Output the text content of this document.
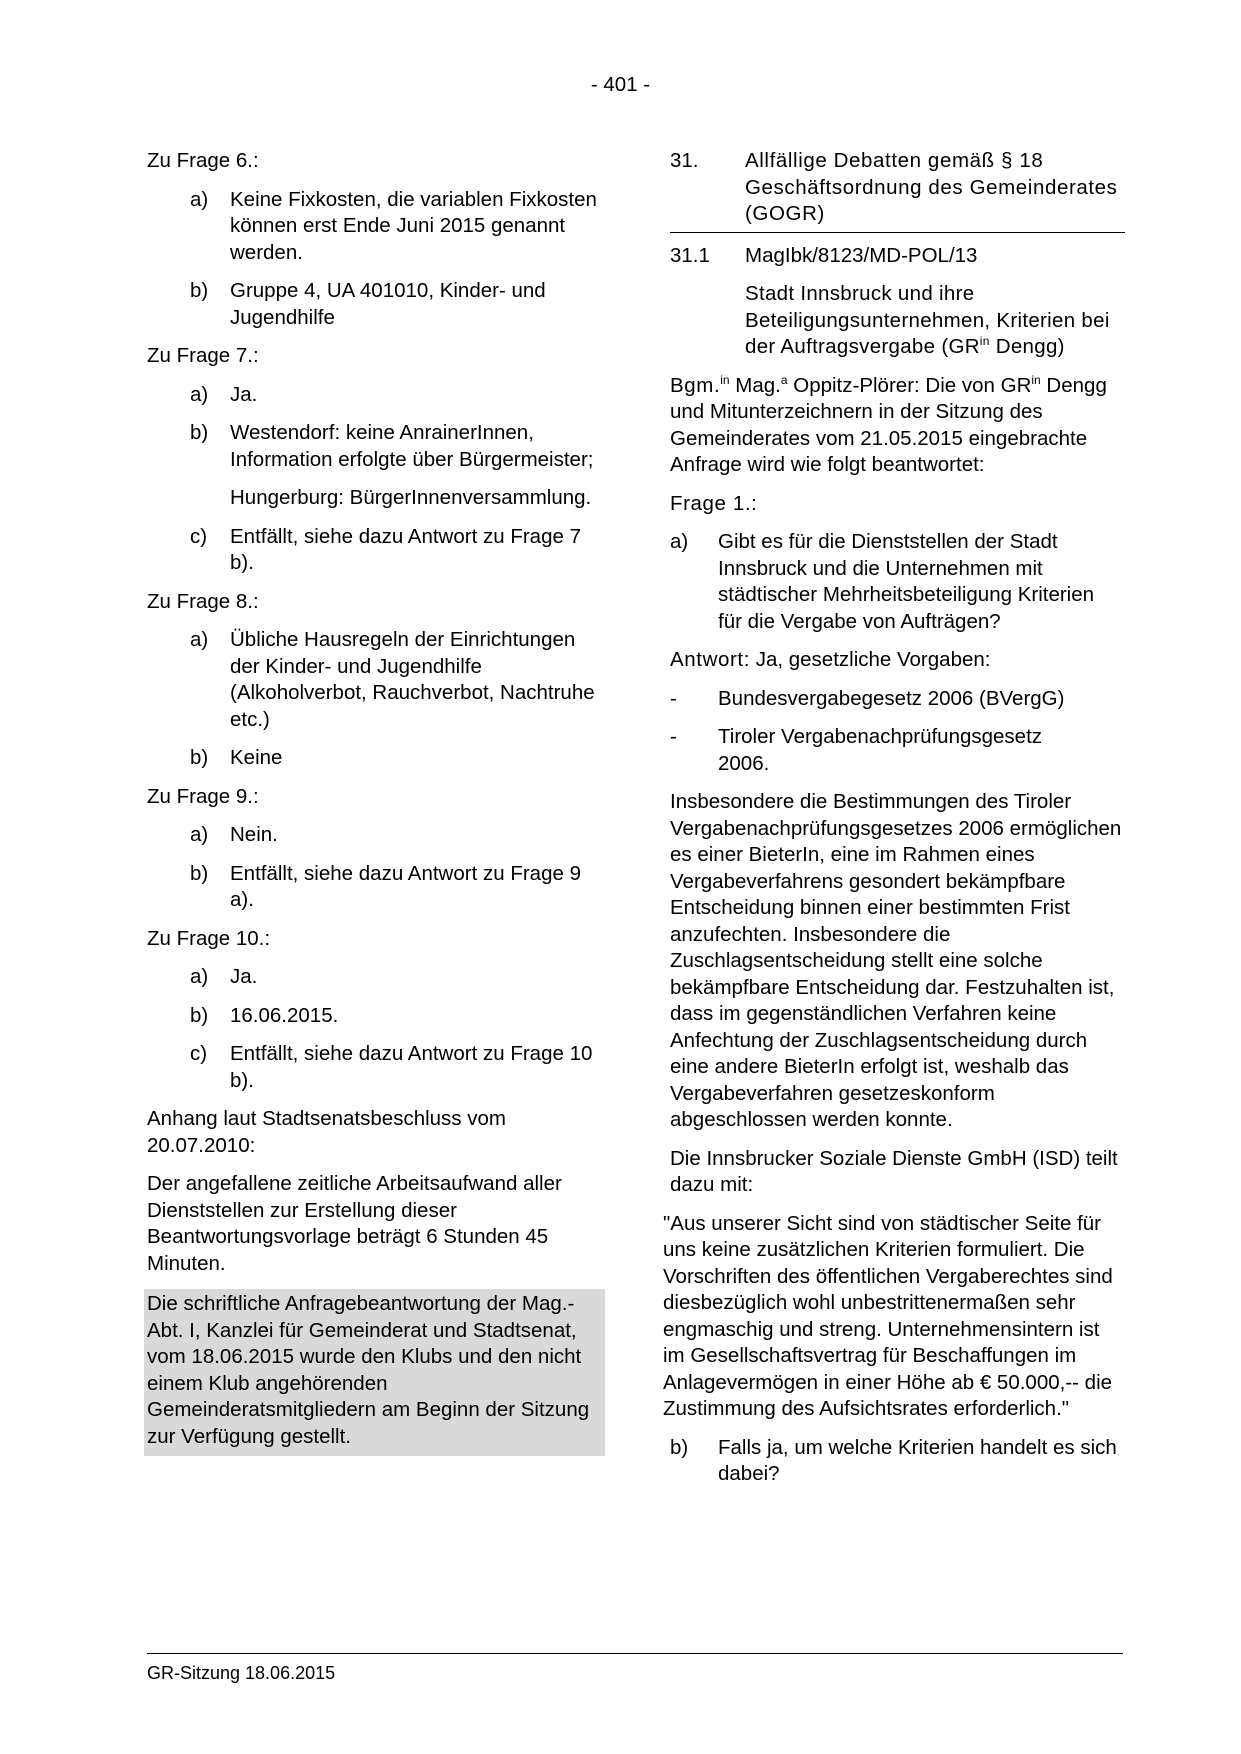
- 401 -

Zu Frage 6.:

a) Keine Fixkosten, die variablen Fixkosten können erst Ende Juni 2015 genannt werden.
b) Gruppe 4, UA 401010, Kinder- und Jugendhilfe

Zu Frage 7.:

a) Ja.
b) Westendorf: keine AnrainerInnen, Information erfolgte über Bürgermeister;
Hungerburg: BürgerInnenversammlung.
c) Entfällt, siehe dazu Antwort zu Frage 7 b).

Zu Frage 8.:

a) Übliche Hausregeln der Einrichtungen der Kinder- und Jugendhilfe (Alkoholverbot, Rauchverbot, Nachtruhe etc.)
b) Keine

Zu Frage 9.:

a) Nein.
b) Entfällt, siehe dazu Antwort zu Frage 9 a).

Zu Frage 10.:

a) Ja.
b) 16.06.2015.
c) Entfällt, siehe dazu Antwort zu Frage 10 b).

Anhang laut Stadtsenatsbeschluss vom 20.07.2010:

Der angefallene zeitliche Arbeitsaufwand aller Dienststellen zur Erstellung dieser Beantwortungsvorlage beträgt 6 Stunden 45 Minuten.

Die schriftliche Anfragebeantwortung der Mag.-Abt. I, Kanzlei für Gemeinderat und Stadtsenat, vom 18.06.2015 wurde den Klubs und den nicht einem Klub angehörenden Gemeinderatsmitgliedern am Beginn der Sitzung zur Verfügung gestellt.

31. Allfällige Debatten gemäß § 18 Geschäftsordnung des Gemeinderates (GOGR)
31.1 MagIbk/8123/MD-POL/13

Stadt Innsbruck und ihre Beteiligungsunternehmen, Kriterien bei der Auftragsvergabe ($GR^{in}$ Dengg)

Bgm.$^{in}$ Mag.$^a$ Oppitz-Plörer: Die von $GR^{in}$ Dengg und Mitunterzeichnern in der Sitzung des Gemeinderates vom 21.05.2015 eingebrachte Anfrage wird wie folgt beantwortet:

Frage 1.:

a) Gibt es für die Dienststellen der Stadt Innsbruck und die Unternehmen mit städtischer Mehrheitsbeteiligung Kriterien für die Vergabe von Aufträgen?

Antwort: Ja, gesetzliche Vorgaben:

- Bundesvergabegesetz 2006 (BVergG)
- Tiroler Vergabenachprüfungsgesetz 2006.

Insbesondere die Bestimmungen des Tiroler Vergabenachprüfungsgesetzes 2006 ermöglichen es einer BieterIn, eine im Rahmen eines Vergabeverfahrens gesondert bekämpfbare Entscheidung binnen einer bestimmten Frist anzufechten. Insbesondere die Zuschlagsentscheidung stellt eine solche bekämpfbare Entscheidung dar. Festzuhalten ist, dass im gegenständlichen Verfahren keine Anfechtung der Zuschlagsentscheidung durch eine andere BieterIn erfolgt ist, weshalb das Vergabeverfahren gesetzeskonform abgeschlossen werden konnte.

Die Innsbrucker Soziale Dienste GmbH (ISD) teilt dazu mit:

"Aus unserer Sicht sind von städtischer Seite für uns keine zusätzlichen Kriterien formuliert. Die Vorschriften des öffentlichen Vergaberechtes sind diesbezüglich wohl unbestrittenermaßen sehr engmaschig und streng. Unternehmensintern ist im Gesellschaftsvertrag für Beschaffungen im Anlagevermögen in einer Höhe ab € 50.000,-- die Zustimmung des Aufsichtsrates erforderlich."

b) Falls ja, um welche Kriterien handelt es sich dabei?
GR-Sitzung 18.06.2015
